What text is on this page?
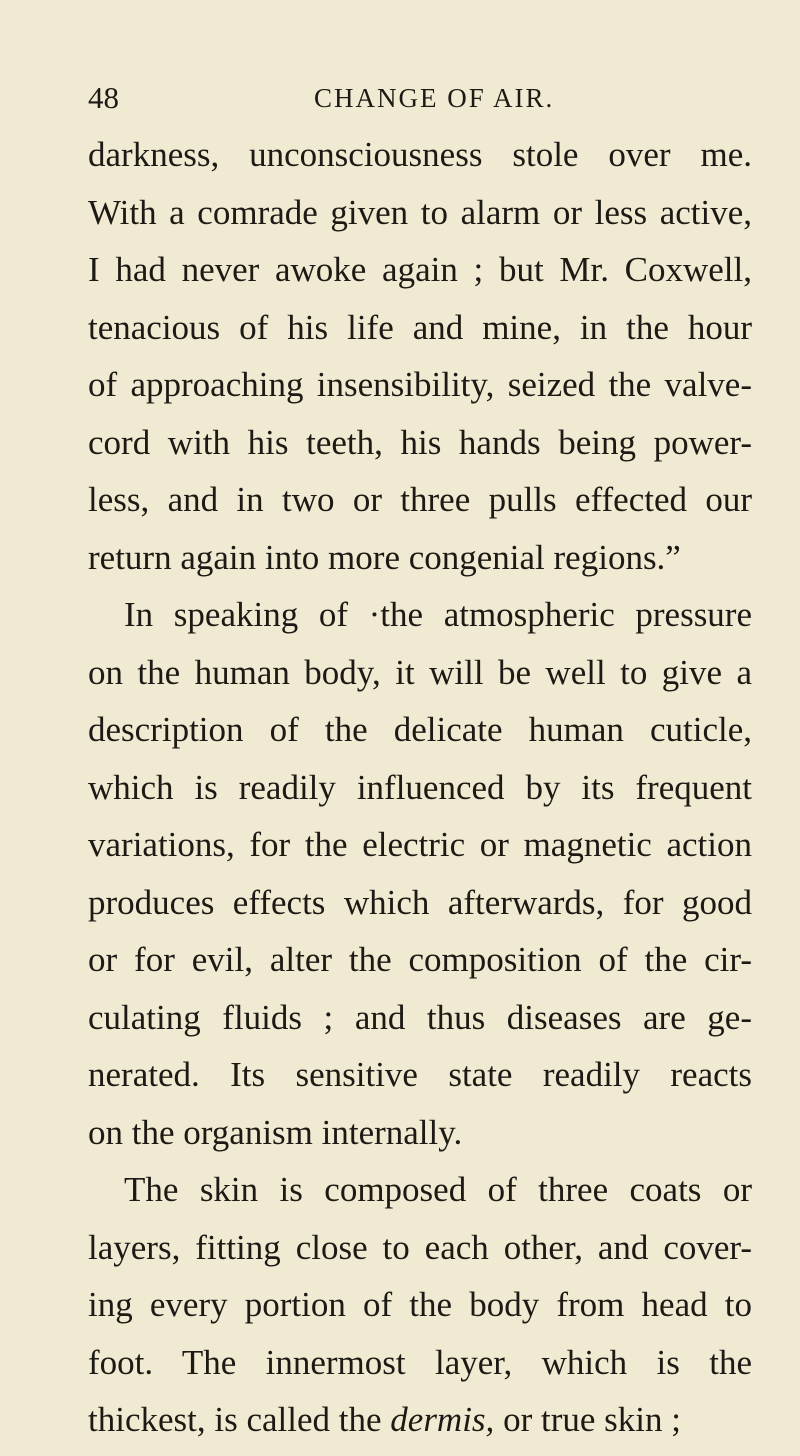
48	CHANGE OF AIR.
darkness, unconsciousness stole over me.
With a comrade given to alarm or less active,
I had never awoke again ; but Mr. Coxwell,
tenacious of his life and mine, in the hour
of approaching insensibility, seized the valve-
cord with his teeth, his hands being power-
less, and in two or three pulls effected our
return again into more congenial regions.”
In speaking of ·the atmospheric pressure
on the human body, it will be well to give a
description of the delicate human cuticle,
which is readily influenced by its frequent
variations, for the electric or magnetic action
produces effects which afterwards, for good
or for evil, alter the composition of the cir-
culating fluids ; and thus diseases are ge-
nerated. Its sensitive state readily reacts
on the organism internally.
The skin is composed of three coats or
layers, fitting close to each other, and cover-
ing every portion of the body from head to
foot. The innermost layer, which is the
thickest, is called the dermis, or true skin ;
